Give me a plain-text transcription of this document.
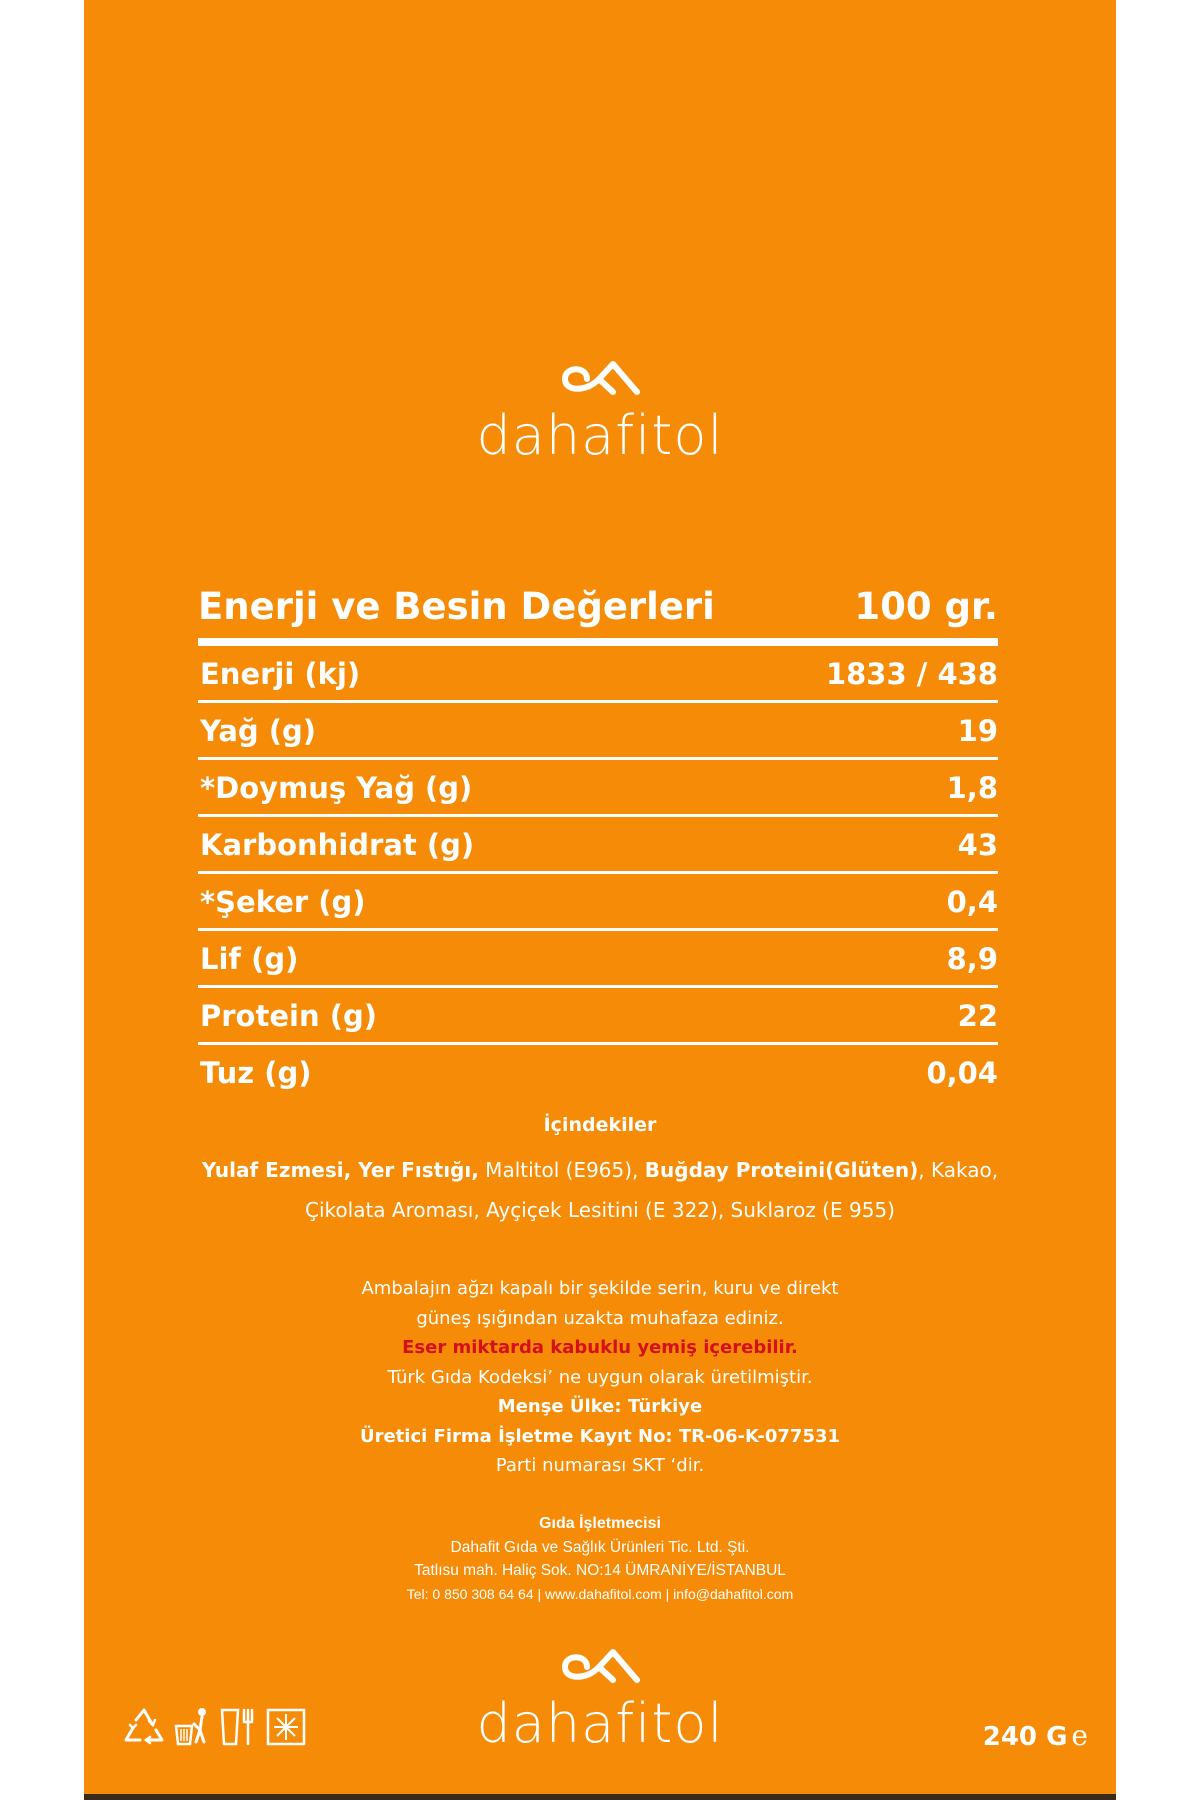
dahafitol
Enerji ve Besin Değerleri	100 gr.
Enerji (kj)	1833 / 438
Yağ (g)	19
*Doymuş Yağ (g)	1,8
Karbonhidrat (g)	43
*Şeker (g)	0,4
Lif (g)	8,9
Protein (g)	22
Tuz (g)	0,04
İçindekiler
Yulaf Ezmesi, Yer Fıstığı, Maltitol (E965), Buğday Proteini(Glüten), Kakao,
Çikolata Aroması, Ayçiçek Lesitini (E 322), Suklaroz (E 955)
Ambalajın ağzı kapalı bir şekilde serin, kuru ve direkt
güneş ışığından uzakta muhafaza ediniz.
Eser miktarda kabuklu yemiş içerebilir.
Türk Gıda Kodeksi’ ne uygun olarak üretilmiştir.
Menşe Ülke: Türkiye
Üretici Firma İşletme Kayıt No: TR-06-K-077531
Parti numarası SKT ‘dir.
Gıda İşletmecisi
Dahafit Gıda ve Sağlık Ürünleri Tic. Ltd. Şti.
Tatlısu mah. Haliç Sok. NO:14 ÜMRANİYE/İSTANBUL
Tel: 0 850 308 64 64 | www.dahafitol.com | info@dahafitol.com
dahafitol	240 G e
